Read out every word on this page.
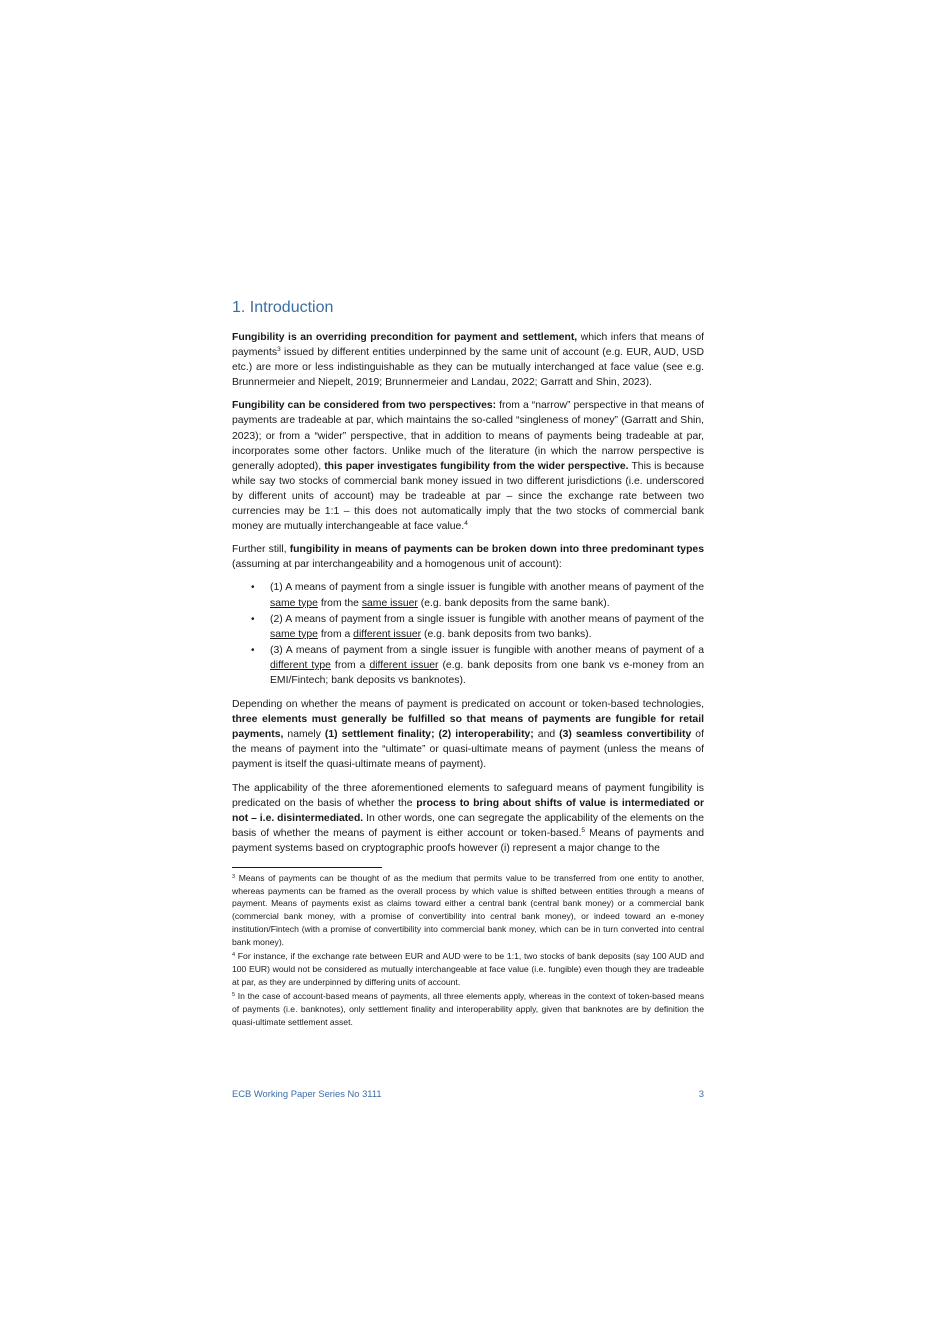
1. Introduction

Fungibility is an overriding precondition for payment and settlement, which infers that means of payments$^3$ issued by different entities underpinned by the same unit of account (e.g. EUR, AUD, USD etc.) are more or less indistinguishable as they can be mutually interchanged at face value (see e.g. Brunnermeier and Niepelt, 2019; Brunnermeier and Landau, 2022; Garratt and Shin, 2023).

Fungibility can be considered from two perspectives: from a “narrow” perspective in that means of payments are tradeable at par, which maintains the so-called “singleness of money” (Garratt and Shin, 2023); or from a “wider” perspective, that in addition to means of payments being tradeable at par, incorporates some other factors. Unlike much of the literature (in which the narrow perspective is generally adopted), this paper investigates fungibility from the wider perspective. This is because while say two stocks of commercial bank money issued in two different jurisdictions (i.e. underscored by different units of account) may be tradeable at par – since the exchange rate between two currencies may be 1:1 – this does not automatically imply that the two stocks of commercial bank money are mutually interchangeable at face value.$^4$

Further still, fungibility in means of payments can be broken down into three predominant types (assuming at par interchangeability and a homogenous unit of account):

• (1) A means of payment from a single issuer is fungible with another means of payment of the same type from the same issuer (e.g. bank deposits from the same bank).
• (2) A means of payment from a single issuer is fungible with another means of payment of the same type from a different issuer (e.g. bank deposits from two banks).
• (3) A means of payment from a single issuer is fungible with another means of payment of a different type from a different issuer (e.g. bank deposits from one bank vs e-money from an EMI/Fintech; bank deposits vs banknotes).

Depending on whether the means of payment is predicated on account or token-based technologies, three elements must generally be fulfilled so that means of payments are fungible for retail payments, namely (1) settlement finality; (2) interoperability; and (3) seamless convertibility of the means of payment into the “ultimate” or quasi-ultimate means of payment (unless the means of payment is itself the quasi-ultimate means of payment).

The applicability of the three aforementioned elements to safeguard means of payment fungibility is predicated on the basis of whether the process to bring about shifts of value is intermediated or not – i.e. disintermediated. In other words, one can segregate the applicability of the elements on the basis of whether the means of payment is either account or token-based.$^5$ Means of payments and payment systems based on cryptographic proofs however (i) represent a major change to the

$^3$ Means of payments can be thought of as the medium that permits value to be transferred from one entity to another, whereas payments can be framed as the overall process by which value is shifted between entities through a means of payment. Means of payments exist as claims toward either a central bank (central bank money) or a commercial bank (commercial bank money, with a promise of convertibility into central bank money), or indeed toward an e-money institution/Fintech (with a promise of convertibility into commercial bank money, which can be in turn converted into central bank money).

$^4$ For instance, if the exchange rate between EUR and AUD were to be 1:1, two stocks of bank deposits (say 100 AUD and 100 EUR) would not be considered as mutually interchangeable at face value (i.e. fungible) even though they are tradeable at par, as they are underpinned by differing units of account.

$^5$ In the case of account-based means of payments, all three elements apply, whereas in the context of token-based means of payments (i.e. banknotes), only settlement finality and interoperability apply, given that banknotes are by definition the quasi-ultimate settlement asset.

ECB Working Paper Series No 3111	3
